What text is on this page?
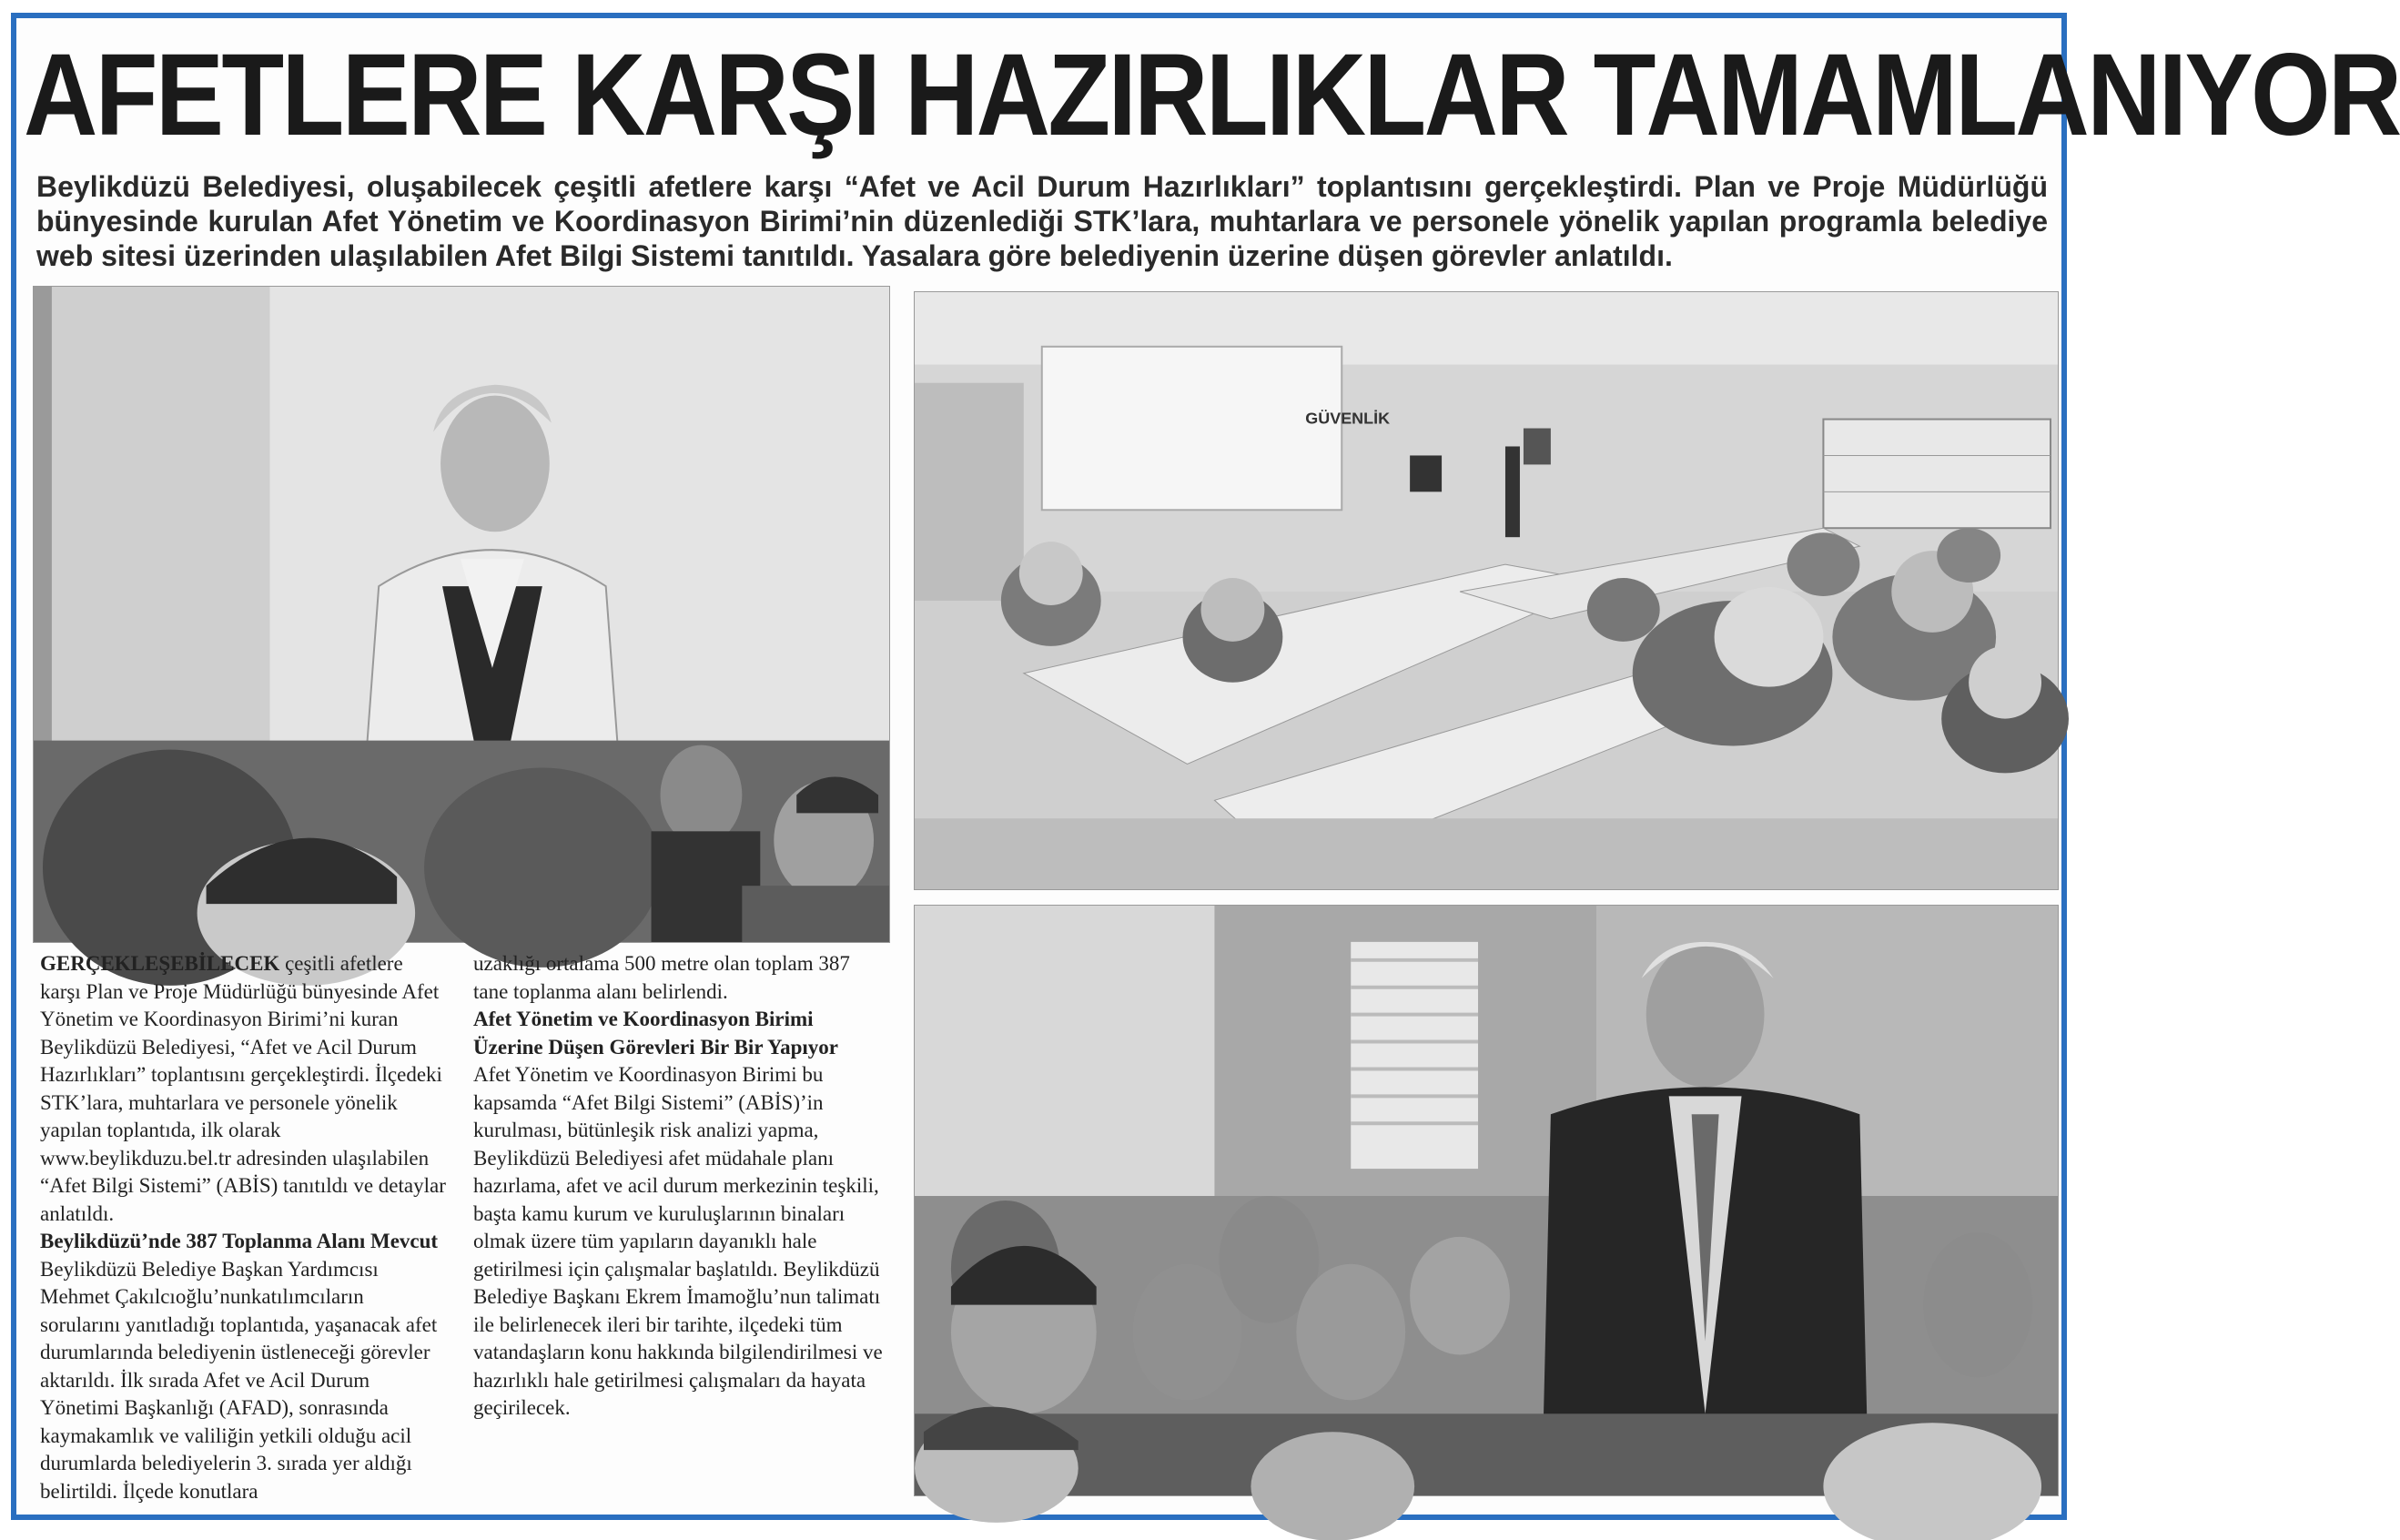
AFETLERE KARŞI HAZIRLIKLAR TAMAMLANIYOR

Beylikdüzü Belediyesi, oluşabilecek çeşitli afetlere karşı “Afet ve Acil Durum Hazırlıkları” toplantısını gerçekleştirdi. Plan ve Proje Müdürlüğü bünyesinde kurulan Afet Yönetim ve Koordinasyon Birimi’nin düzenlediği STK’lara, muhtarlara ve personele yönelik yapılan programla belediye web sitesi üzerinden ulaşılabilen Afet Bilgi Sistemi tanıtıldı. Yasalara göre belediyenin üzerine düşen görevler anlatıldı.

GÜVENLİK

GERÇEKLEŞEBİLECEK çeşitli afetlere karşı Plan ve Proje Müdürlüğü bünyesinde Afet Yönetim ve Koordinasyon Birimi’ni kuran Beylikdüzü Belediyesi, “Afet ve Acil Durum Hazırlıkları” toplantısını gerçekleştirdi. İlçedeki STK’lara, muhtarlara ve personele yönelik yapılan toplantıda, ilk olarak www.beylikduzu.bel.tr adresinden ulaşılabilen “Afet Bilgi Sistemi” (ABİS) tanıtıldı ve detaylar anlatıldı.

Beylikdüzü’nde 387 Toplanma Alanı Mevcut

Beylikdüzü Belediye Başkan Yardımcısı Mehmet Çakılcıoğlu’nunkatılımcıların sorularını yanıtladığı toplantıda, yaşanacak afet durumlarında belediyenin üstleneceği görevler aktarıldı. İlk sırada Afet ve Acil Durum Yönetimi Başkanlığı (AFAD), sonrasında kaymakamlık ve valiliğin yetkili olduğu acil durumlarda belediyelerin 3. sırada yer aldığı belirtildi. İlçede konutlara

uzaklığı ortalama 500 metre olan toplam 387 tane toplanma alanı belirlendi.

Afet Yönetim ve Koordinasyon Birimi Üzerine Düşen Görevleri Bir Bir Yapıyor

Afet Yönetim ve Koordinasyon Birimi bu kapsamda “Afet Bilgi Sistemi” (ABİS)’in kurulması, bütünleşik risk analizi yapma, Beylikdüzü Belediyesi afet müdahale planı hazırlama, afet ve acil durum merkezinin teşkili, başta kamu kurum ve kuruluşlarının binaları olmak üzere tüm yapıların dayanıklı hale getirilmesi için çalışmalar başlatıldı. Beylikdüzü Belediye Başkanı Ekrem İmamoğlu’nun talimatı ile belirlenecek ileri bir tarihte, ilçedeki tüm vatandaşların konu hakkında bilgilendirilmesi ve hazırlıklı hale getirilmesi çalışmaları da hayata geçirilecek.
